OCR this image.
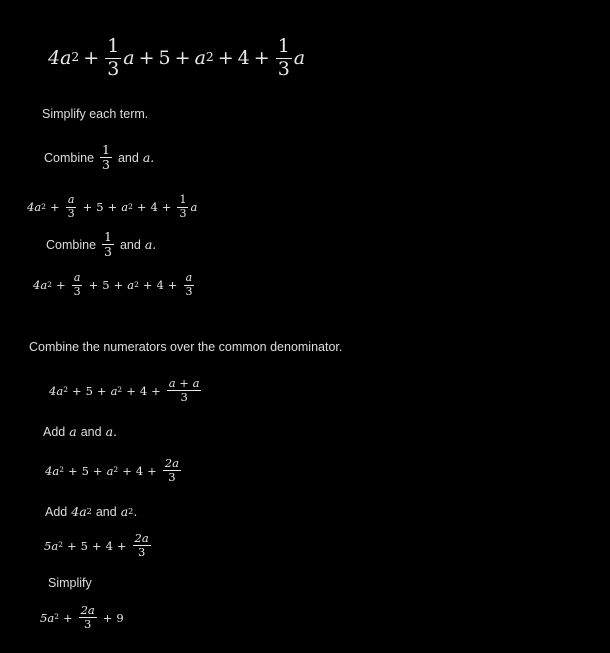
$4a^2 + \frac{1}{3}$ $a + 5 + a^2 + 4 + \frac{1}{3}$ a
Simplify each term.
Combine $\frac{1}{3}$ and a.
$4a^2 + \frac{a}{3} + 5 + a^2 + 4 + \frac{1}{3}$ a
Combine $\frac{1}{3}$ and a.
$4a^2 + \frac{a}{3} + 5 + a^2 + 4 + \frac{a}{3}$
Combine the numerators over the common denominator.
$4a^2 + 5 + a^2 + 4 + \frac{a + a}{3}$
Add a and a.
$4a^2 + 5 + a^2 + 4 + \frac{2a}{3}$
Add $4a^2$ and $a^2$ .
$5a^2 + 5 + 4 + \frac{2a}{3}$
Simplify
$5a^2 + \frac{2a}{3} + 9$
